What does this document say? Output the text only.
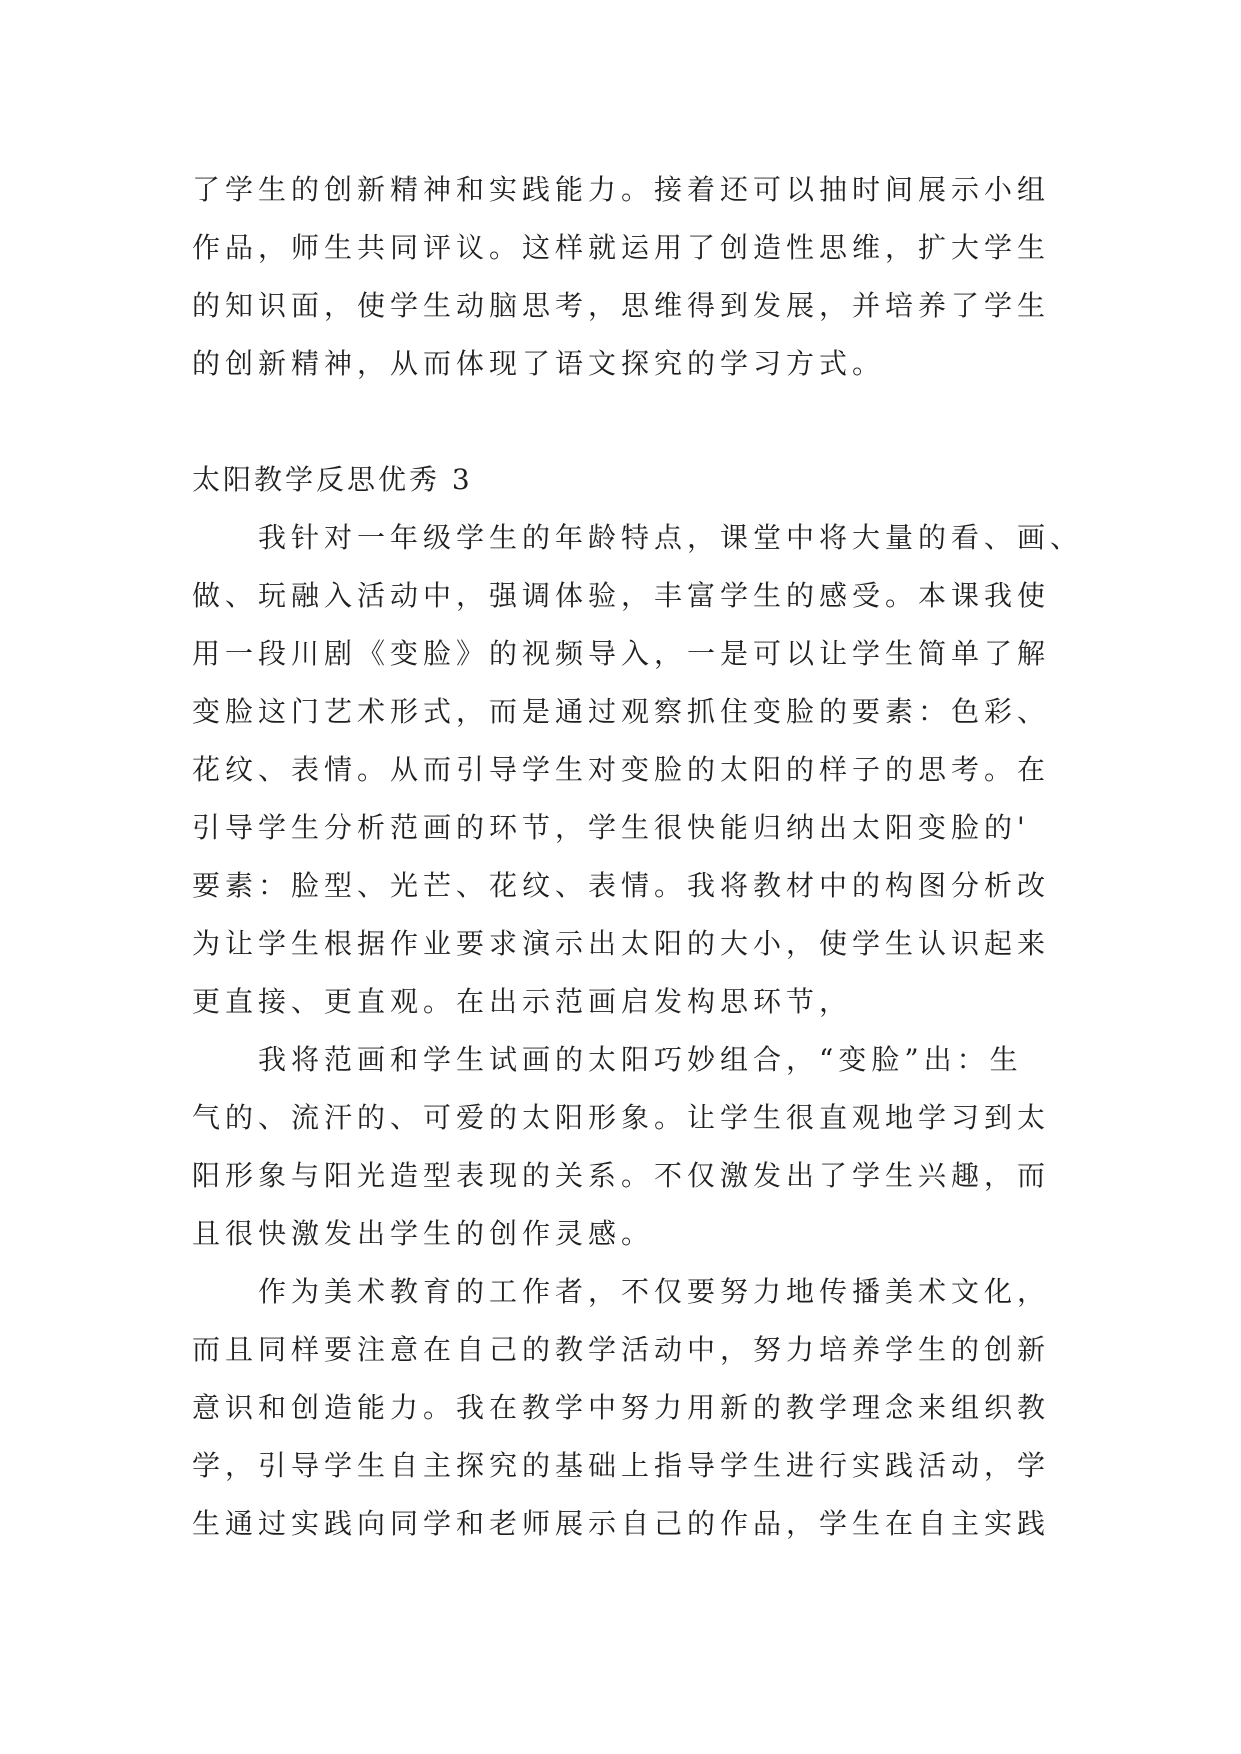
了学生的创新精神和实践能力。接着还可以抽时间展示小组
作品，师生共同评议。这样就运用了创造性思维，扩大学生
的知识面，使学生动脑思考，思维得到发展，并培养了学生
的创新精神，从而体现了语文探究的学习方式。
太阳教学反思优秀 3
我针对一年级学生的年龄特点，课堂中将大量的看、画、
做、玩融入活动中，强调体验，丰富学生的感受。本课我使
用一段川剧《变脸》的视频导入，一是可以让学生简单了解
变脸这门艺术形式，而是通过观察抓住变脸的要素：色彩、
花纹、表情。从而引导学生对变脸的太阳的样子的思考。在
引导学生分析范画的环节，学生很快能归纳出太阳变脸的'
要素：脸型、光芒、花纹、表情。我将教材中的构图分析改
为让学生根据作业要求演示出太阳的大小，使学生认识起来
更直接、更直观。在出示范画启发构思环节，
我将范画和学生试画的太阳巧妙组合，“变脸”出：生
气的、流汗的、可爱的太阳形象。让学生很直观地学习到太
阳形象与阳光造型表现的关系。不仅激发出了学生兴趣，而
且很快激发出学生的创作灵感。
作为美术教育的工作者，不仅要努力地传播美术文化，
而且同样要注意在自己的教学活动中，努力培养学生的创新
意识和创造能力。我在教学中努力用新的教学理念来组织教
学，引导学生自主探究的基础上指导学生进行实践活动，学
生通过实践向同学和老师展示自己的作品，学生在自主实践
